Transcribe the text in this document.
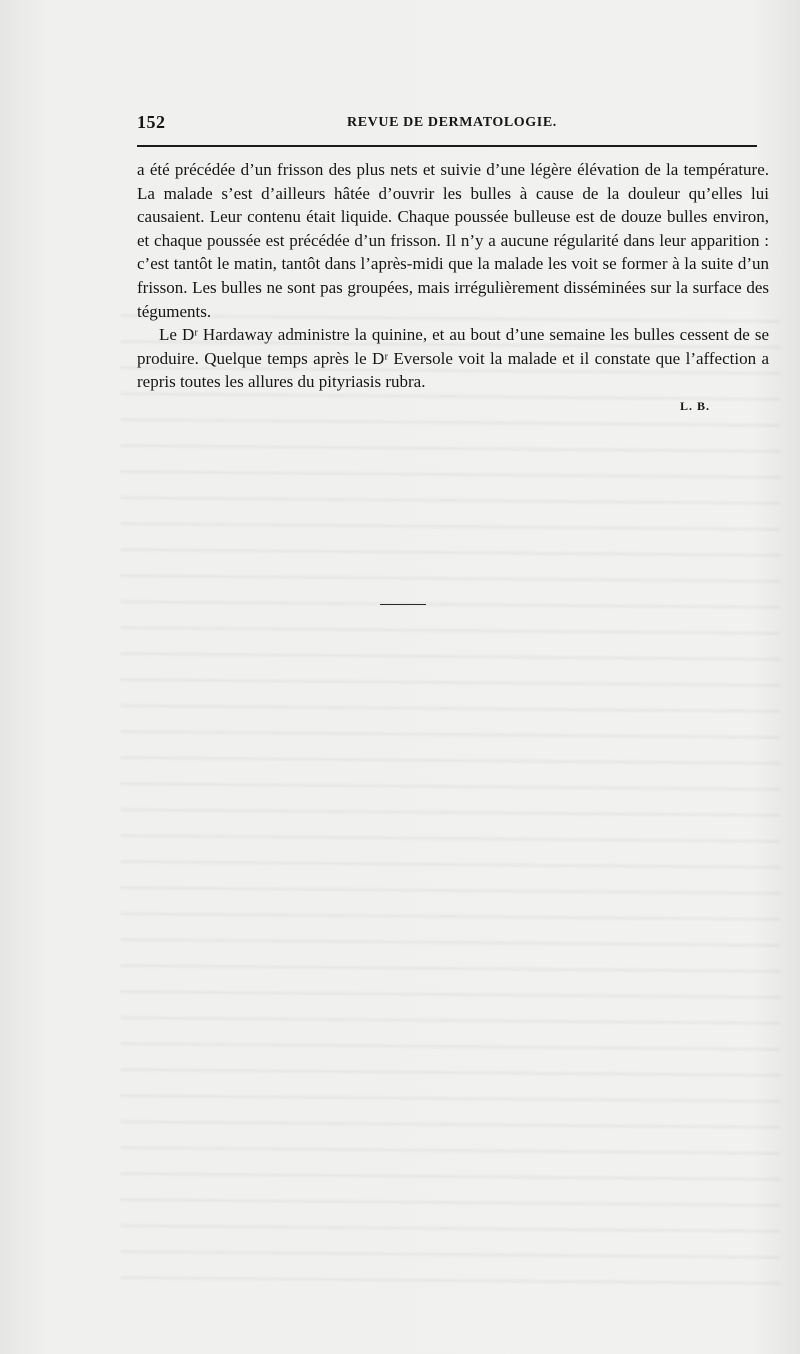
152	REVUE DE DERMATOLOGIE.

a été précédée d’un frisson des plus nets et suivie d’une légère élévation de la température. La malade s’est d’ailleurs hâtée d’ouvrir les bulles à cause de la douleur qu’elles lui causaient. Leur contenu était liquide. Chaque poussée bulleuse est de douze bulles environ, et chaque poussée est précédée d’un frisson. Il n’y a aucune régularité dans leur apparition : c’est tantôt le matin, tantôt dans l’après-midi que la malade les voit se former à la suite d’un frisson. Les bulles ne sont pas groupées, mais irrégulièrement disséminées sur la surface des téguments.

Le Dʳ Hardaway administre la quinine, et au bout d’une semaine les bulles cessent de se produire. Quelque temps après le Dʳ Eversole voit la malade et il constate que l’affection a repris toutes les allures du pityriasis rubra.

L. B.
